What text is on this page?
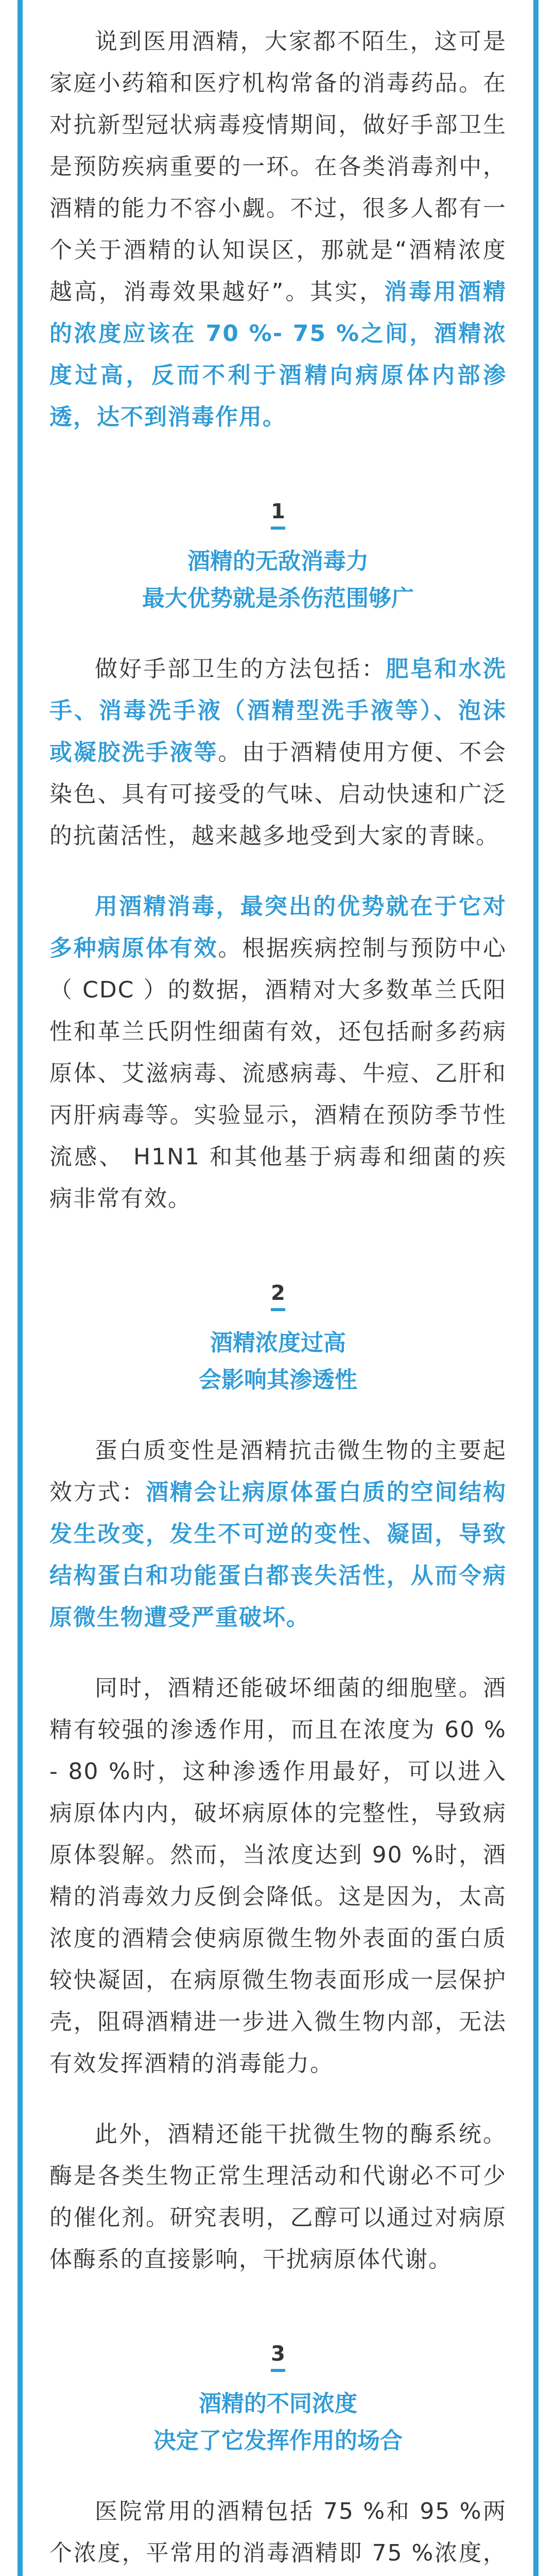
说到医用酒精，大家都不陌生，这可是家庭小药箱和医疗机构常备的消毒药品。在对抗新型冠状病毒疫情期间，做好手部卫生是预防疾病重要的一环。在各类消毒剂中，酒精的能力不容小觑。不过，很多人都有一个关于酒精的认知误区，那就是“酒精浓度越高，消毒效果越好”。其实，消毒用酒精的浓度应该在 70 %- 75 %之间，酒精浓度过高，反而不利于酒精向病原体内部渗透，达不到消毒作用。

1
酒精的无敌消毒力
最大优势就是杀伤范围够广

做好手部卫生的方法包括：肥皂和水洗手、消毒洗手液（酒精型洗手液等）、泡沫或凝胶洗手液等。由于酒精使用方便、不会染色、具有可接受的气味、启动快速和广泛的抗菌活性，越来越多地受到大家的青睐。

用酒精消毒，最突出的优势就在于它对多种病原体有效。根据疾病控制与预防中心（ CDC ）的数据，酒精对大多数革兰氏阳性和革兰氏阴性细菌有效，还包括耐多药病原体、艾滋病毒、流感病毒、牛痘、乙肝和丙肝病毒等。实验显示，酒精在预防季节性流感、 H1N1 和其他基于病毒和细菌的疾病非常有效。

2
酒精浓度过高
会影响其渗透性

蛋白质变性是酒精抗击微生物的主要起效方式：酒精会让病原体蛋白质的空间结构发生改变，发生不可逆的变性、凝固，导致结构蛋白和功能蛋白都丧失活性，从而令病原微生物遭受严重破坏。

同时，酒精还能破坏细菌的细胞壁。酒精有较强的渗透作用，而且在浓度为 60 %- 80 %时，这种渗透作用最好，可以进入病原体内内，破坏病原体的完整性，导致病原体裂解。然而，当浓度达到 90 %时，酒精的消毒效力反倒会降低。这是因为，太高浓度的酒精会使病原微生物外表面的蛋白质较快凝固，在病原微生物表面形成一层保护壳，阻碍酒精进一步进入微生物内部，无法有效发挥酒精的消毒能力。

此外，酒精还能干扰微生物的酶系统。酶是各类生物正常生理活动和代谢必不可少的催化剂。研究表明，乙醇可以通过对病原体酶系的直接影响，干扰病原体代谢。

3
酒精的不同浓度
决定了它发挥作用的场合

医院常用的酒精包括 75 %和 95 %两个浓度，平常用的消毒酒精即 75 %浓度，
